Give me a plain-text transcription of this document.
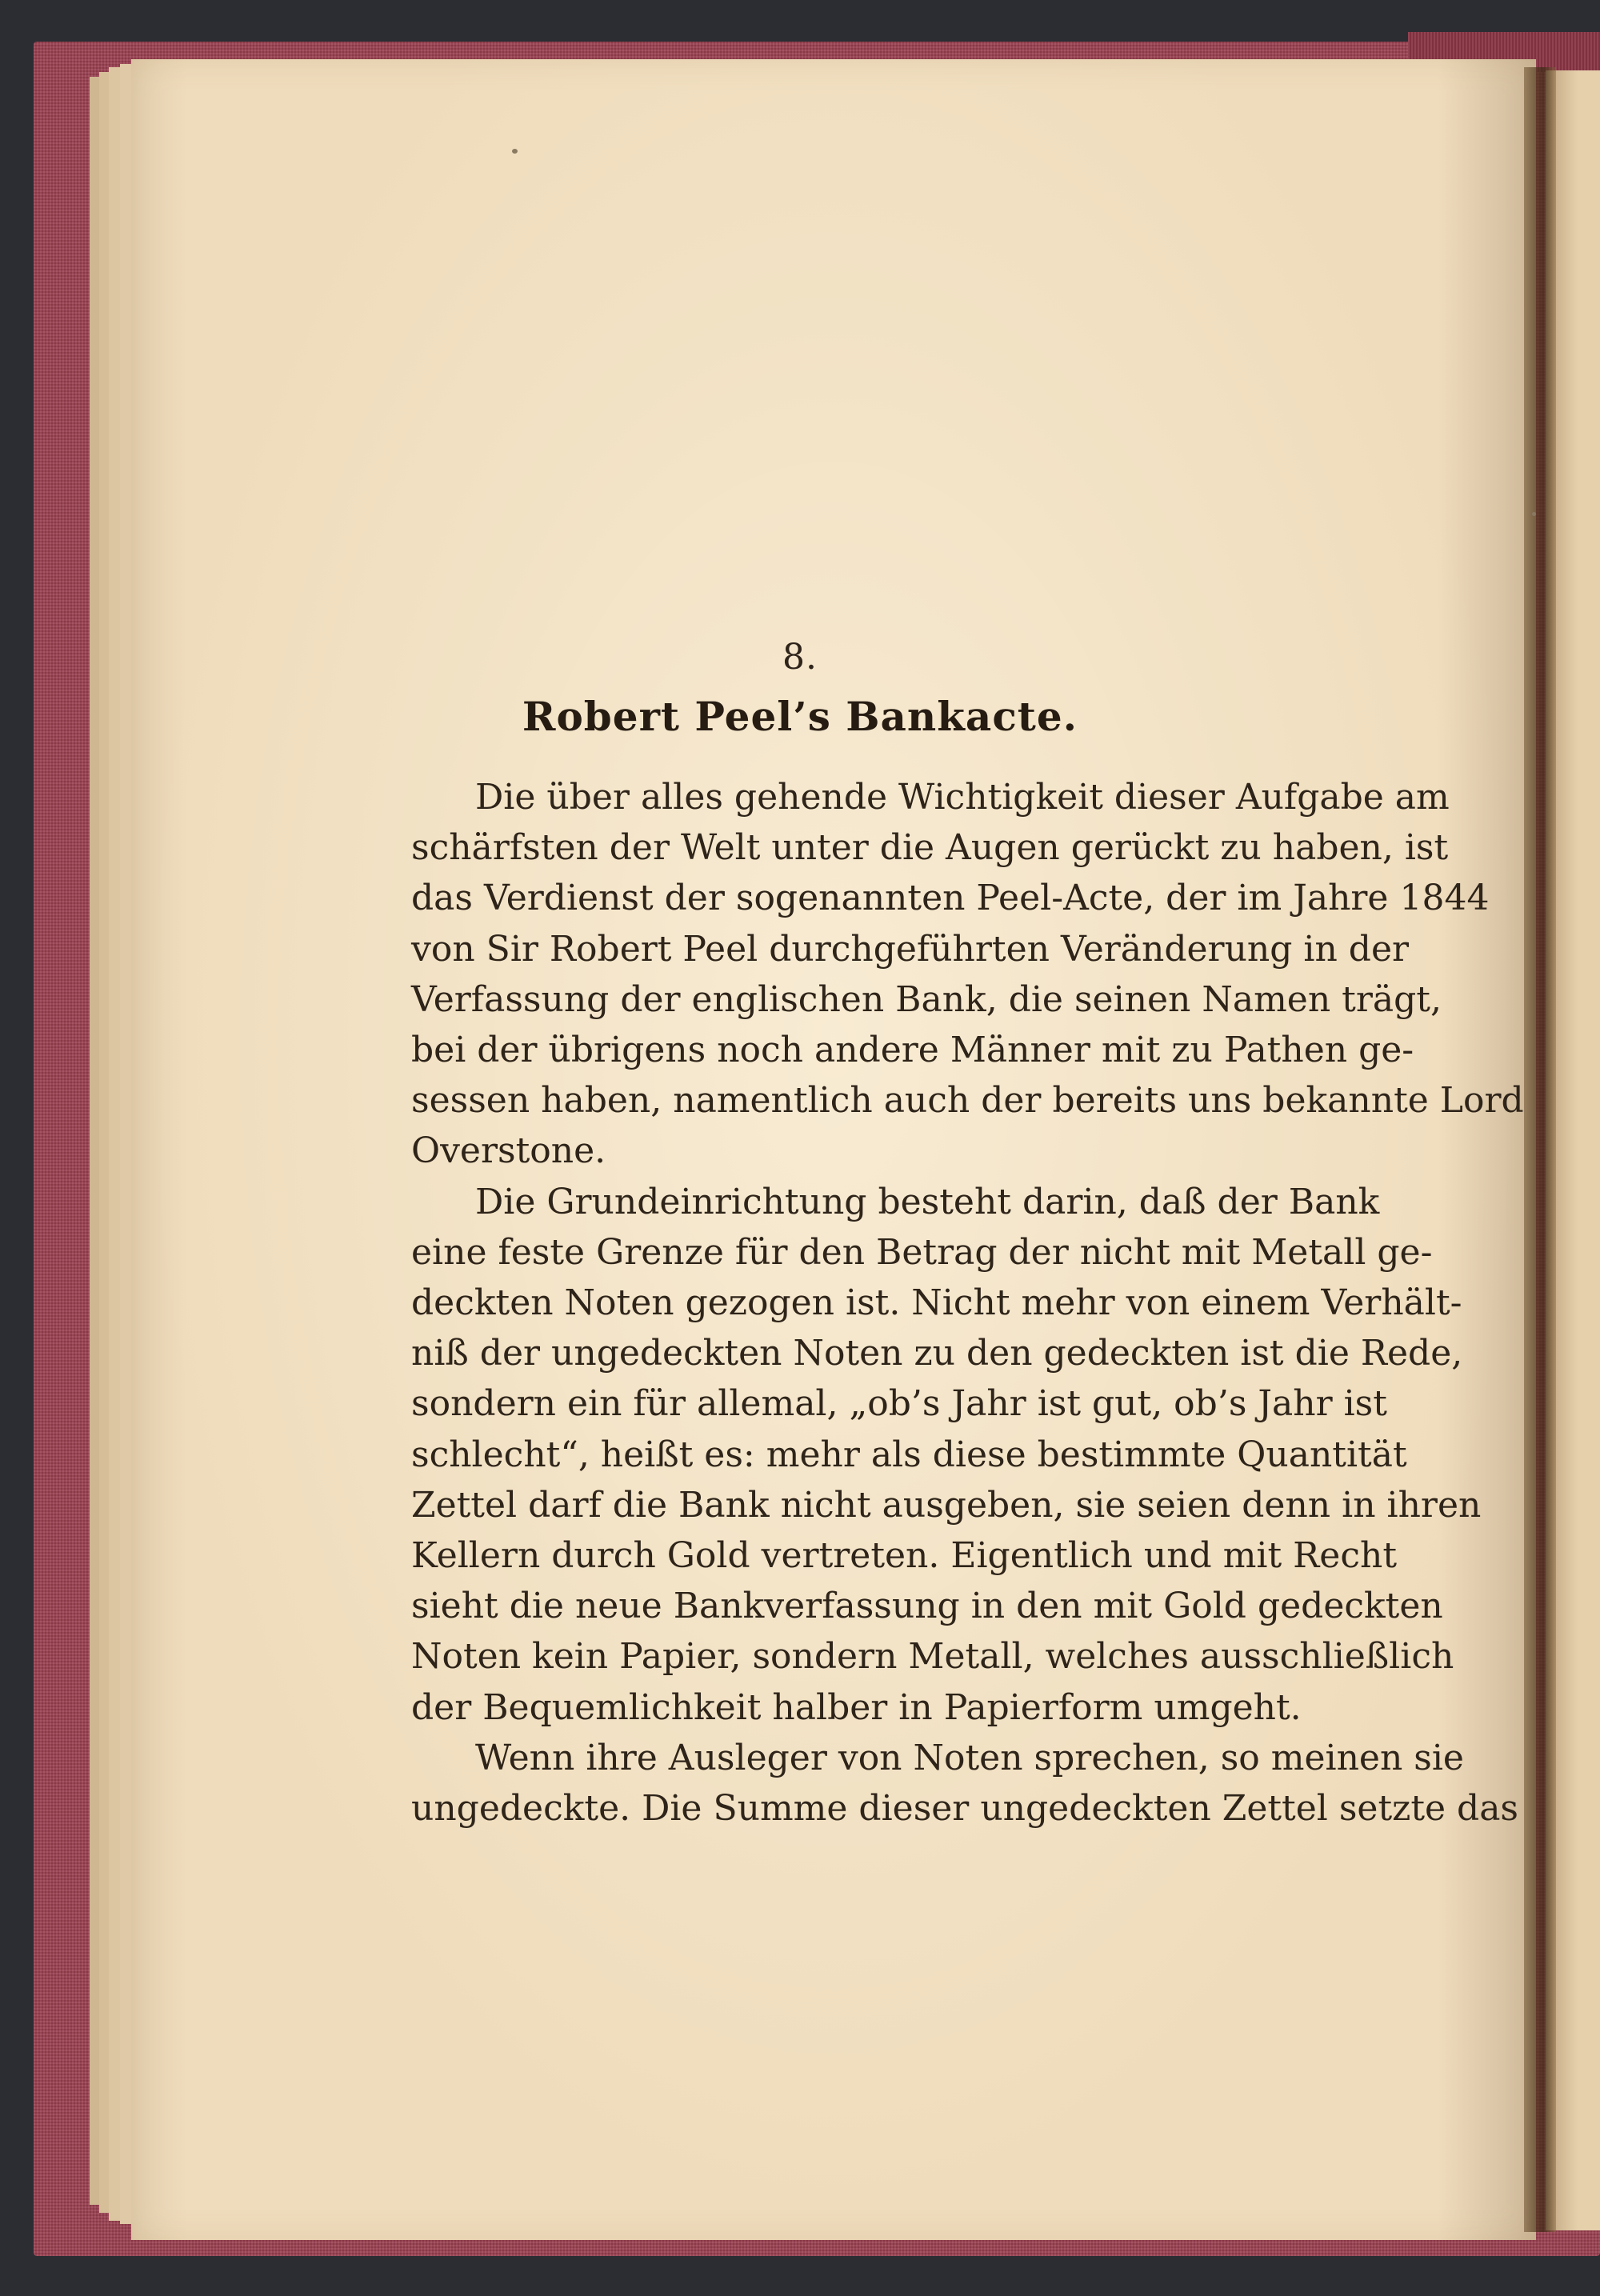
8.
Robert Peel’s Bankacte.
Die über alles gehende Wichtigkeit dieser Aufgabe am
schärfsten der Welt unter die Augen gerückt zu haben, ist
das Verdienst der sogenannten Peel-Acte, der im Jahre 1844
von Sir Robert Peel durchgeführten Veränderung in der
Verfassung der englischen Bank, die seinen Namen trägt,
bei der übrigens noch andere Männer mit zu Pathen ge-
sessen haben, namentlich auch der bereits uns bekannte Lord
Overstone.
Die Grundeinrichtung besteht darin, daß der Bank
eine feste Grenze für den Betrag der nicht mit Metall ge-
deckten Noten gezogen ist. Nicht mehr von einem Verhält-
niß der ungedeckten Noten zu den gedeckten ist die Rede,
sondern ein für allemal, „ob’s Jahr ist gut, ob’s Jahr ist
schlecht“, heißt es: mehr als diese bestimmte Quantität
Zettel darf die Bank nicht ausgeben, sie seien denn in ihren
Kellern durch Gold vertreten. Eigentlich und mit Recht
sieht die neue Bankverfassung in den mit Gold gedeckten
Noten kein Papier, sondern Metall, welches ausschließlich
der Bequemlichkeit halber in Papierform umgeht.
Wenn ihre Ausleger von Noten sprechen, so meinen sie
ungedeckte. Die Summe dieser ungedeckten Zettel setzte das
